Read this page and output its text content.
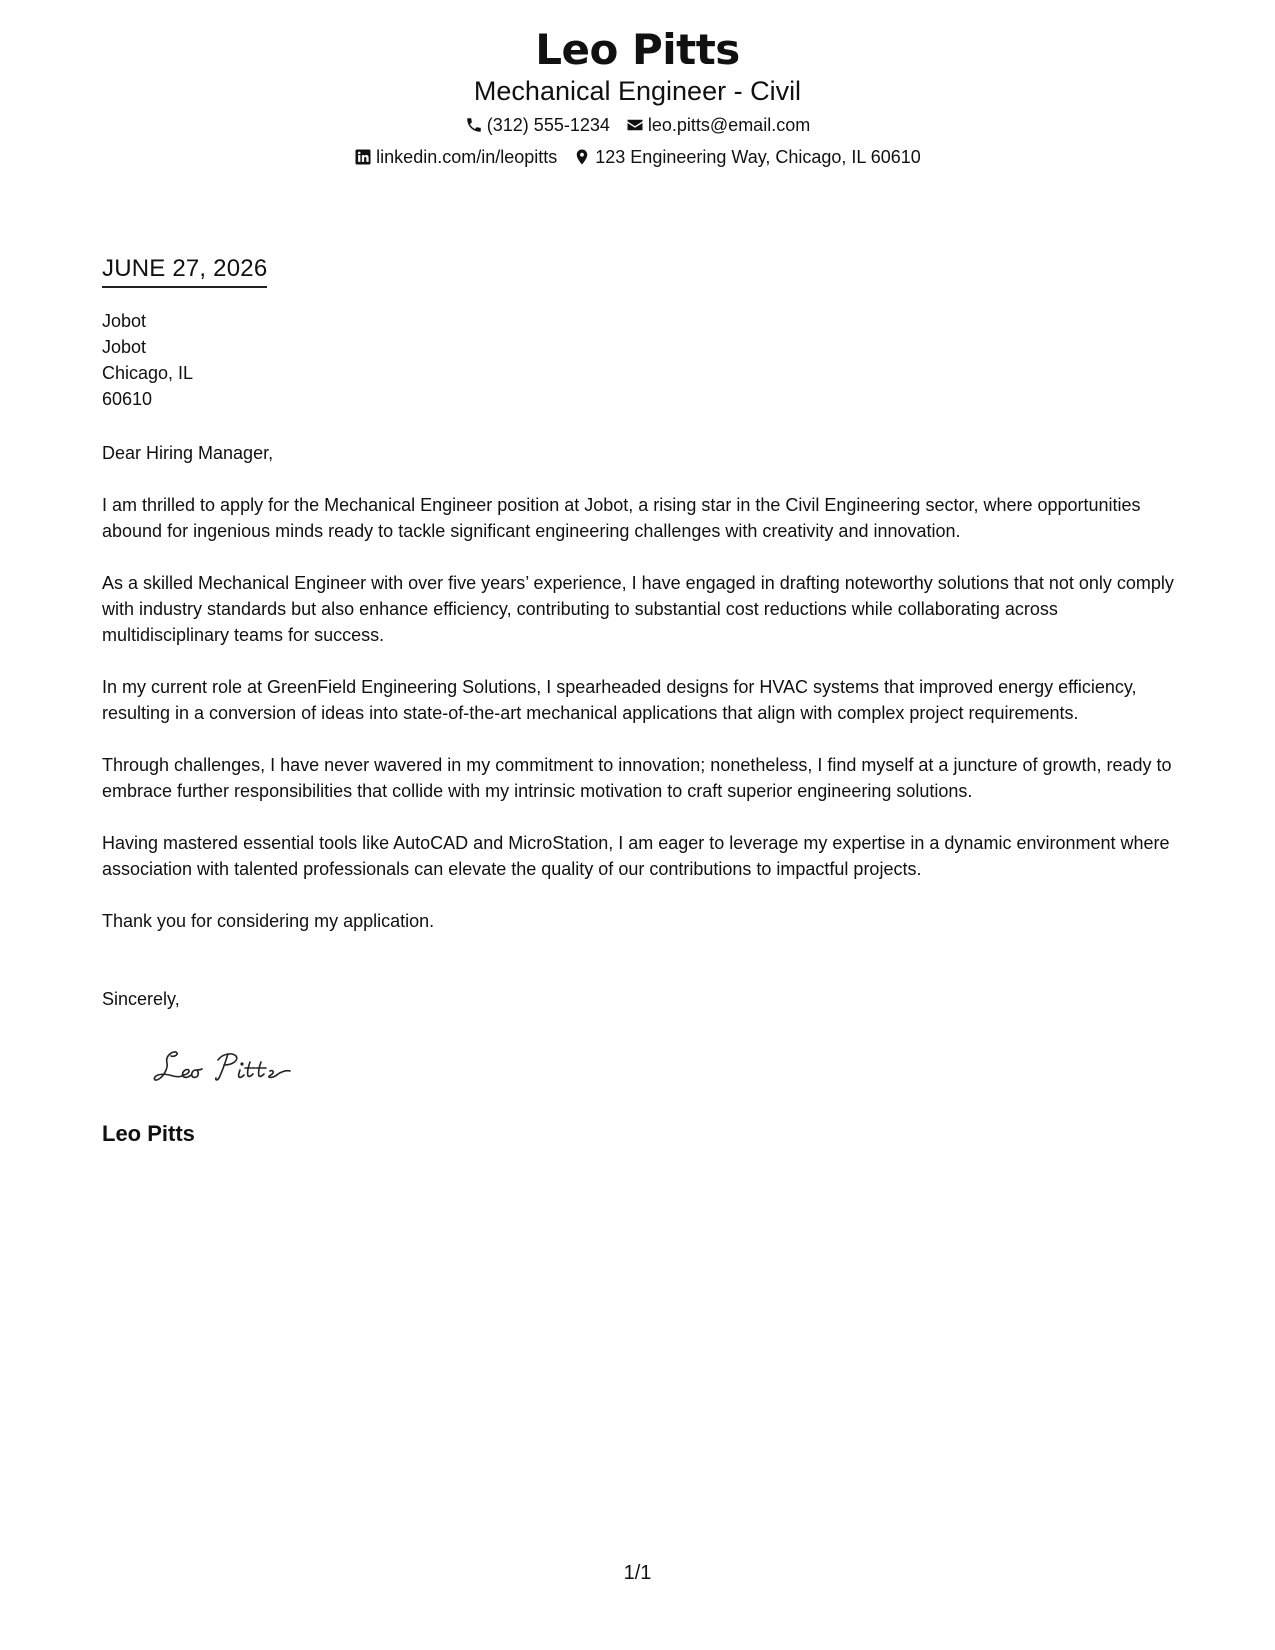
Leo Pitts
Mechanical Engineer - Civil
(312) 555-1234 leo.pitts@email.com
linkedin.com/in/leopitts 123 Engineering Way, Chicago, IL 60610
JUNE 27, 2026
Jobot
Jobot
Chicago, IL
60610
Dear Hiring Manager,
I am thrilled to apply for the Mechanical Engineer position at Jobot, a rising star in the Civil Engineering sector, where opportunities abound for ingenious minds ready to tackle significant engineering challenges with creativity and innovation.
As a skilled Mechanical Engineer with over five years’ experience, I have engaged in drafting noteworthy solutions that not only comply with industry standards but also enhance efficiency, contributing to substantial cost reductions while collaborating across multidisciplinary teams for success.
In my current role at GreenField Engineering Solutions, I spearheaded designs for HVAC systems that improved energy efficiency, resulting in a conversion of ideas into state-of-the-art mechanical applications that align with complex project requirements.
Through challenges, I have never wavered in my commitment to innovation; nonetheless, I find myself at a juncture of growth, ready to embrace further responsibilities that collide with my intrinsic motivation to craft superior engineering solutions.
Having mastered essential tools like AutoCAD and MicroStation, I am eager to leverage my expertise in a dynamic environment where association with talented professionals can elevate the quality of our contributions to impactful projects.
Thank you for considering my application.
Sincerely,
Leo Pitts
1/1
